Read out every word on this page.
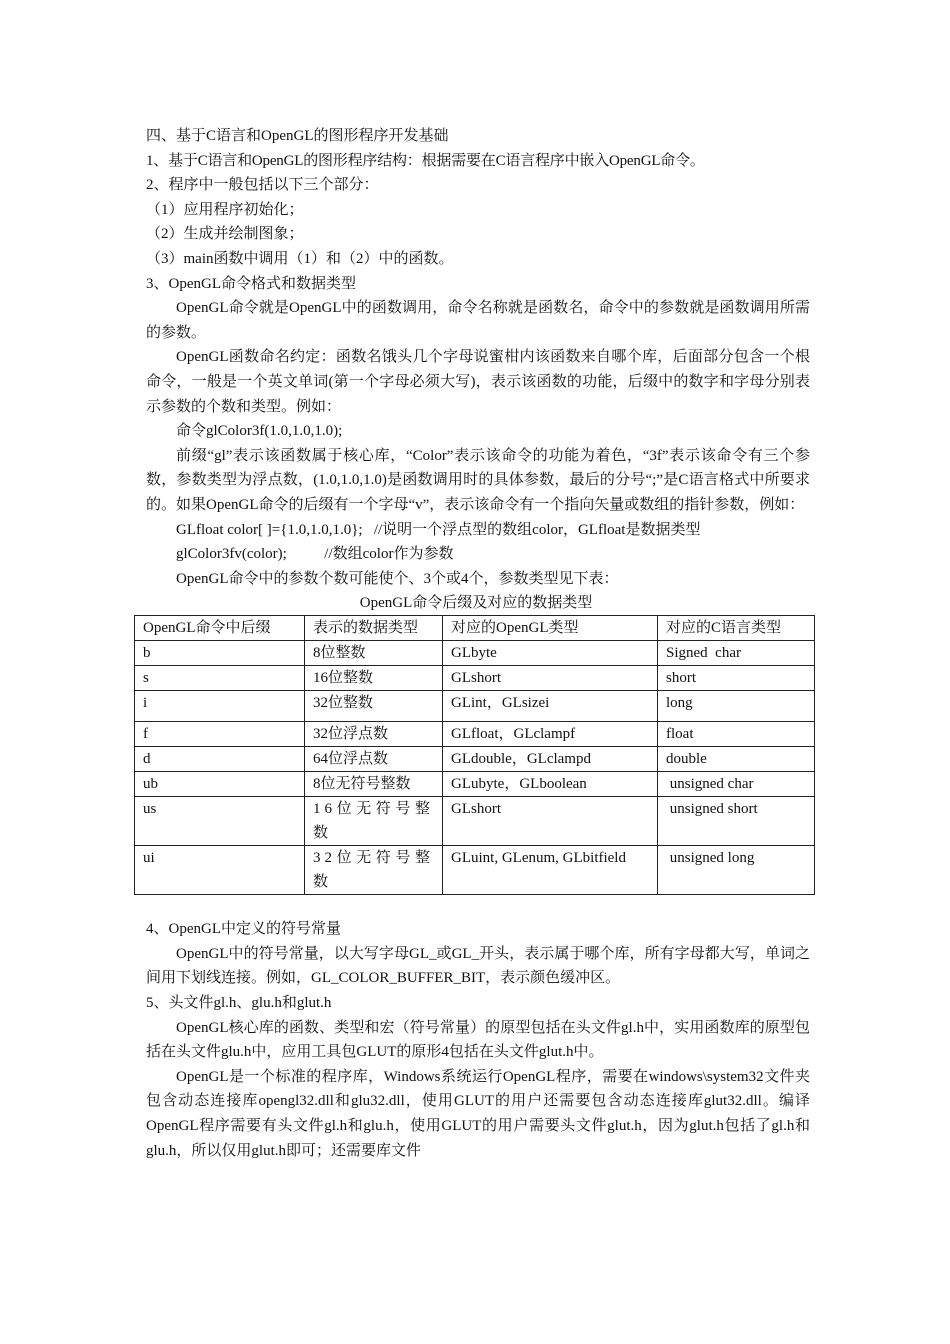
四、基于C语言和OpenGL的图形程序开发基础
1、基于C语言和OpenGL的图形程序结构：根据需要在C语言程序中嵌入OpenGL命令。
2、程序中一般包括以下三个部分：
（1）应用程序初始化；
（2）生成并绘制图象；
（3）main函数中调用（1）和（2）中的函数。
3、OpenGL命令格式和数据类型

OpenGL命令就是OpenGL中的函数调用，命令名称就是函数名，命令中的参数就是函数调用所需的参数。

OpenGL函数命名约定：函数名饿头几个字母说蜜柑内该函数来自哪个库，后面部分包含一个根命令，一般是一个英文单词(第一个字母必须大写)，表示该函数的功能，后缀中的数字和字母分别表示参数的个数和类型。例如：

命令glColor3f(1.0,1.0,1.0);

前缀“gl”表示该函数属于核心库，“Color”表示该命令的功能为着色，“3f”表示该命令有三个参数，参数类型为浮点数，(1.0,1.0,1.0)是函数调用时的具体参数，最后的分号“;”是C语言格式中所要求的。如果OpenGL命令的后缀有一个字母“v”，表示该命令有一个指向矢量或数组的指针参数，例如：

GLfloat color[ ]={1.0,1.0,1.0};   //说明一个浮点型的数组color，GLfloat是数据类型
glColor3fv(color);          //数组color作为参数
OpenGL命令中的参数个数可能使个、3个或4个，参数类型见下表：
OpenGL命令后缀及对应的数据类型
OpenGL命令中后缀	表示的数据类型	对应的OpenGL类型	对应的C语言类型
b	8位整数	GLbyte	Signed  char
s	16位整数	GLshort	short
i	32位整数	GLint，GLsizei	long
f	32位浮点数	GLfloat，GLclampf	float
d	64位浮点数	GLdouble，GLclampd	double
ub	8位无符号整数	GLubyte，GLboolean	unsigned char
us	16位无符号整数	GLshort	unsigned short
ui	32位无符号整数	GLuint, GLenum, GLbitfield	unsigned long
4、OpenGL中定义的符号常量

OpenGL中的符号常量，以大写字母GL_或GL_开头，表示属于哪个库，所有字母都大写，单词之间用下划线连接。例如，GL_COLOR_BUFFER_BIT，表示颜色缓冲区。

5、头文件gl.h、glu.h和glut.h

OpenGL核心库的函数、类型和宏（符号常量）的原型包括在头文件gl.h中，实用函数库的原型包括在头文件glu.h中，应用工具包GLUT的原形4包括在头文件glut.h中。

OpenGL是一个标准的程序库，Windows系统运行OpenGL程序，需要在windows\system32文件夹包含动态连接库opengl32.dll和glu32.dll，使用GLUT的用户还需要包含动态连接库glut32.dll。编译OpenGL程序需要有头文件gl.h和glu.h，使用GLUT的用户需要头文件glut.h，因为glut.h包括了gl.h和glu.h，所以仅用glut.h即可；还需要库文件
